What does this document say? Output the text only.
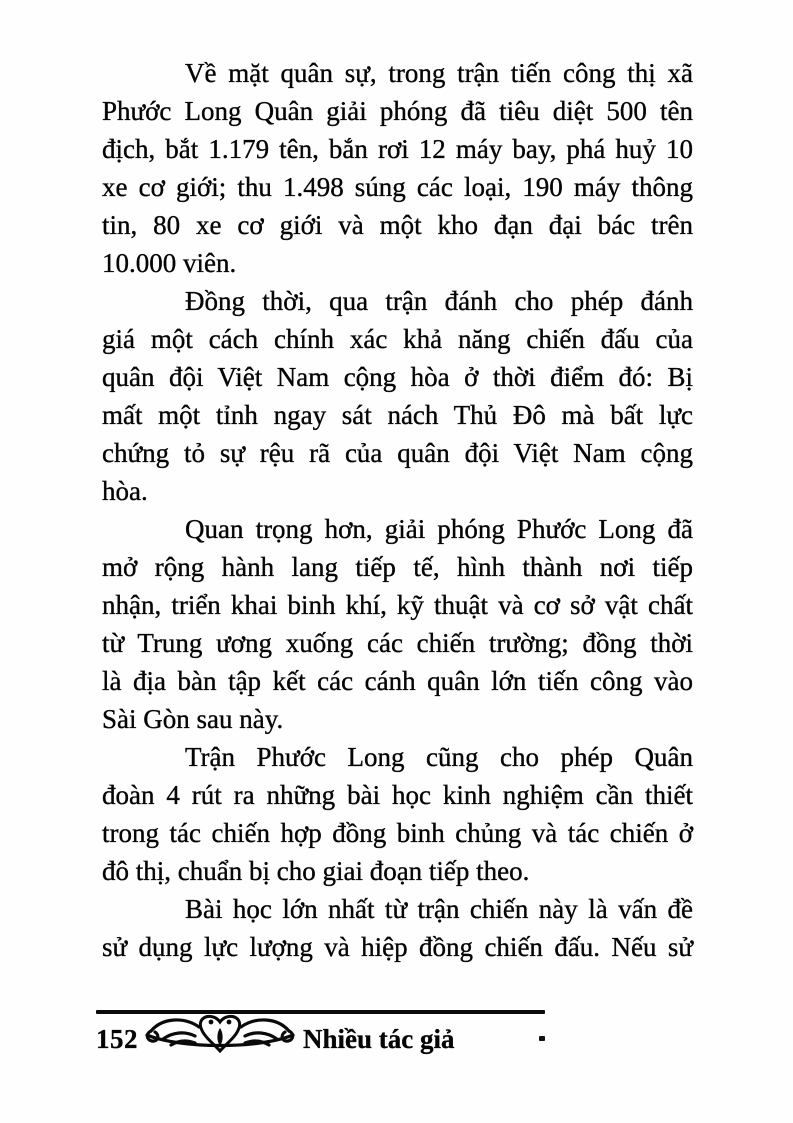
Về mặt quân sự, trong trận tiến công thị xã
Phước Long Quân giải phóng đã tiêu diệt 500 tên
địch, bắt 1.179 tên, bắn rơi 12 máy bay, phá huỷ 10
xe cơ giới; thu 1.498 súng các loại, 190 máy thông
tin, 80 xe cơ giới và một kho đạn đại bác trên
10.000 viên.

Đồng thời, qua trận đánh cho phép đánh
giá một cách chính xác khả năng chiến đấu của
quân đội Việt Nam cộng hòa ở thời điểm đó: Bị
mất một tỉnh ngay sát nách Thủ Đô mà bất lực
chứng tỏ sự rệu rã của quân đội Việt Nam cộng
hòa.

Quan trọng hơn, giải phóng Phước Long đã
mở rộng hành lang tiếp tế, hình thành nơi tiếp
nhận, triển khai binh khí, kỹ thuật và cơ sở vật chất
từ Trung ương xuống các chiến trường; đồng thời
là địa bàn tập kết các cánh quân lớn tiến công vào
Sài Gòn sau này.

Trận Phước Long cũng cho phép Quân
đoàn 4 rút ra những bài học kinh nghiệm cần thiết
trong tác chiến hợp đồng binh chủng và tác chiến ở
đô thị, chuẩn bị cho giai đoạn tiếp theo.

Bài học lớn nhất từ trận chiến này là vấn đề
sử dụng lực lượng và hiệp đồng chiến đấu. Nếu sử

152	Nhiều tác giả
